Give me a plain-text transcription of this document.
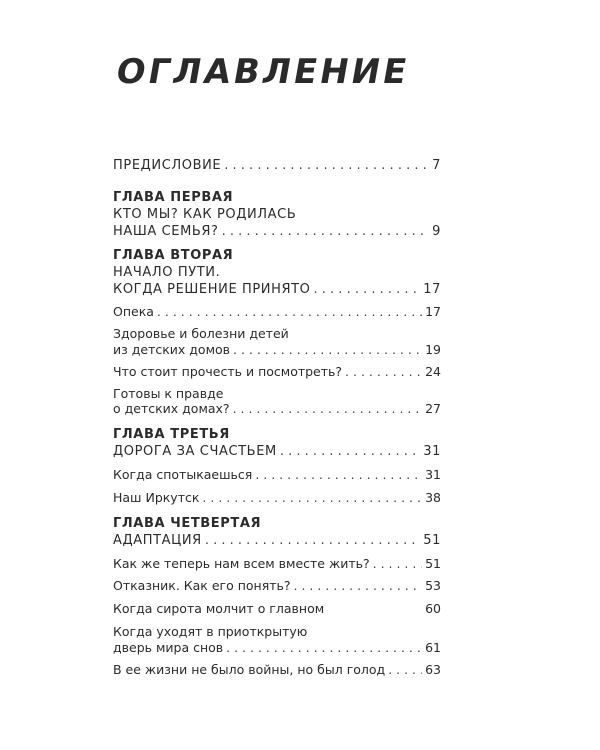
ОГЛАВЛЕНИЕ
ПРЕДИСЛОВИЕ . . .	7
ГЛАВА ПЕРВАЯ
КТО МЫ? КАК РОДИЛАСЬ
НАША СЕМЬЯ? . . .	9
ГЛАВА ВТОРАЯ
НАЧАЛО ПУТИ.
КОГДА РЕШЕНИЕ ПРИНЯТО . . .	17
Опека . . .	17
Здоровье и болезни детей
из детских домов . . .	19
Что стоит прочесть и посмотреть? . . .	24
Готовы к правде
о детских домах? . . .	27
ГЛАВА ТРЕТЬЯ
ДОРОГА ЗА СЧАСТЬЕМ . . .	31
Когда спотыкаешься . . .	31
Наш Иркутск . . .	38
ГЛАВА ЧЕТВЕРТАЯ
АДАПТАЦИЯ . . .	51
Как же теперь нам всем вместе жить? . . .	51
Отказник. Как его понять? . . .	53
Когда сирота молчит о главном	60
Когда уходят в приоткрытую
дверь мира снов . . .	61
В ее жизни не было войны, но был голод . . .	63
